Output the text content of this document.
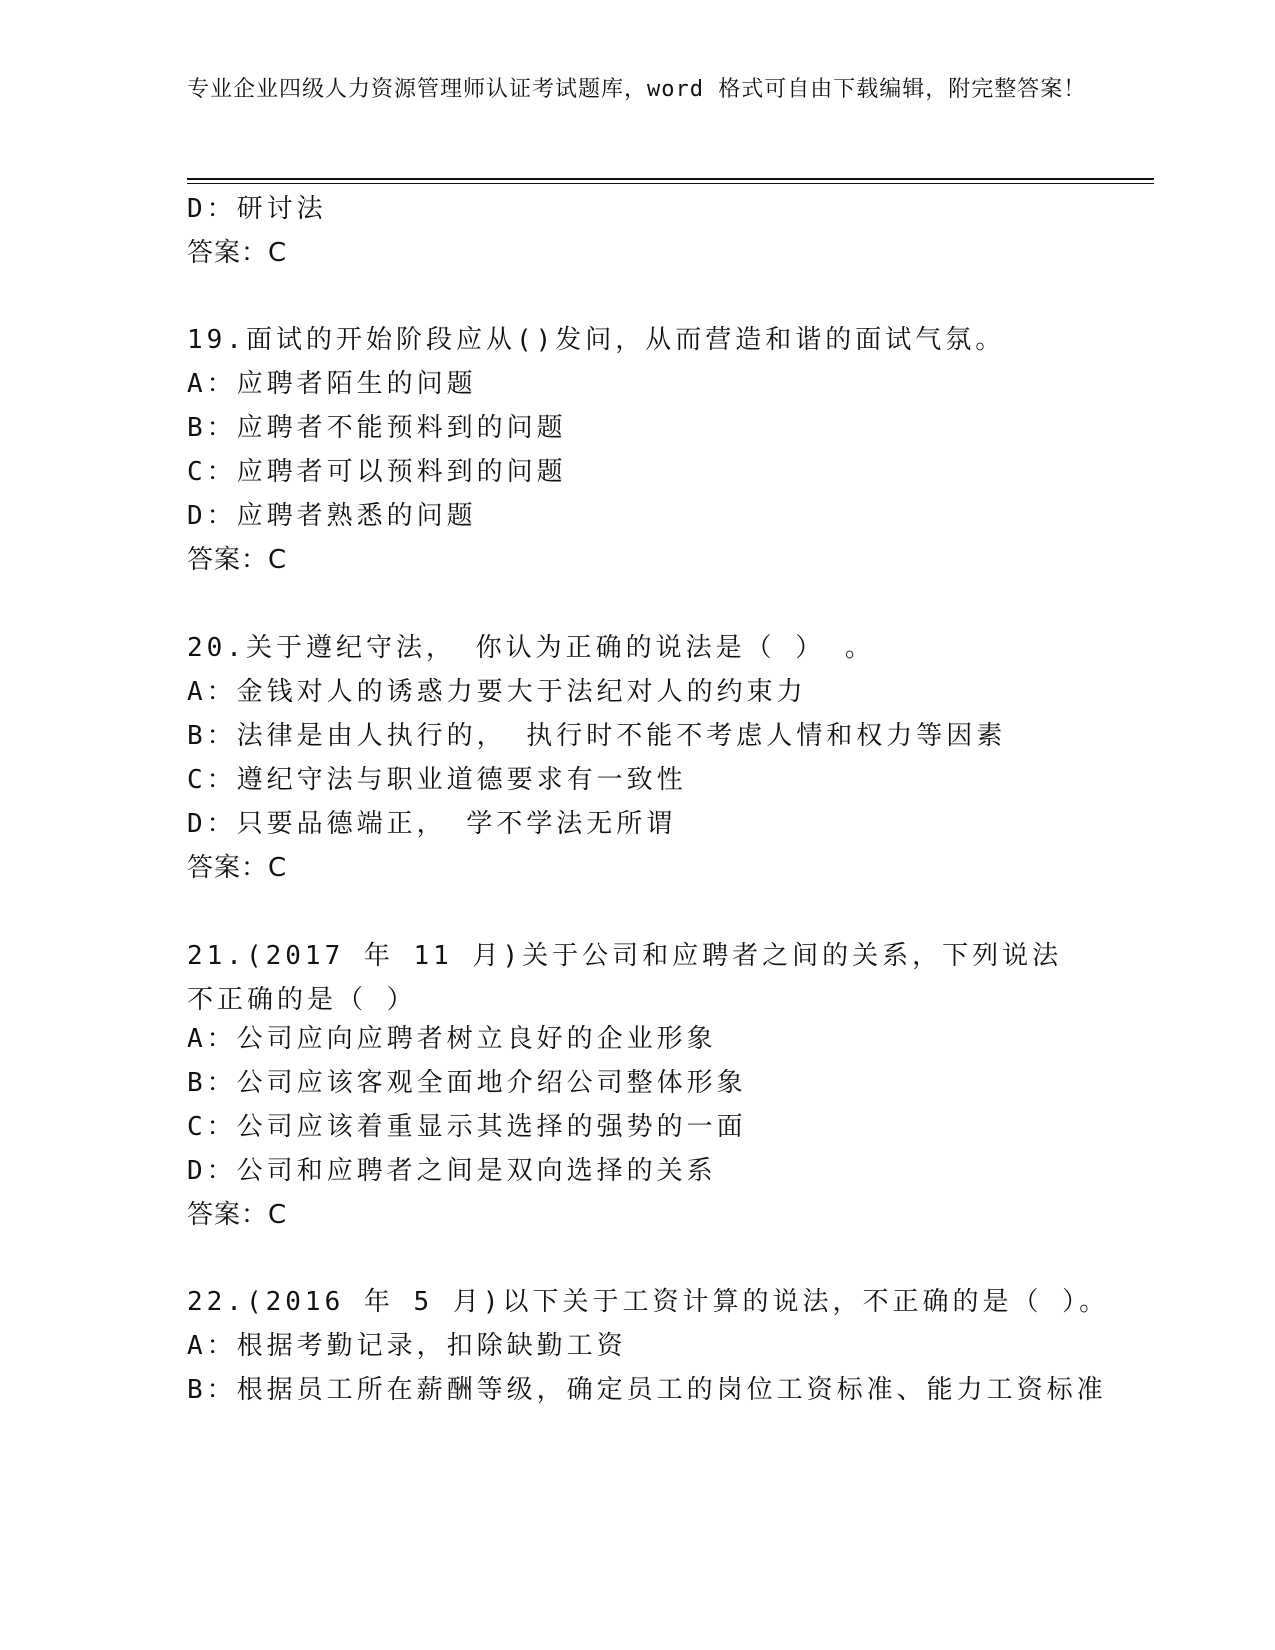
专业企业四级人力资源管理师认证考试题库，word 格式可自由下载编辑，附完整答案！
D：研讨法
答案：C
19.面试的开始阶段应从()发问，从而营造和谐的面试气氛。
A：应聘者陌生的问题
B：应聘者不能预料到的问题
C：应聘者可以预料到的问题
D：应聘者熟悉的问题
答案：C
20.关于遵纪守法， 你认为正确的说法是（ ） 。
A：金钱对人的诱惑力要大于法纪对人的约束力
B：法律是由人执行的， 执行时不能不考虑人情和权力等因素
C：遵纪守法与职业道德要求有一致性
D：只要品德端正， 学不学法无所谓
答案：C
21.(2017 年 11 月)关于公司和应聘者之间的关系，下列说法不正确的是（ ）
A：公司应向应聘者树立良好的企业形象
B：公司应该客观全面地介绍公司整体形象
C：公司应该着重显示其选择的强势的一面
D：公司和应聘者之间是双向选择的关系
答案：C
22.(2016 年 5 月)以下关于工资计算的说法，不正确的是（ ）。
A：根据考勤记录，扣除缺勤工资
B：根据员工所在薪酬等级，确定员工的岗位工资标准、能力工资标准
